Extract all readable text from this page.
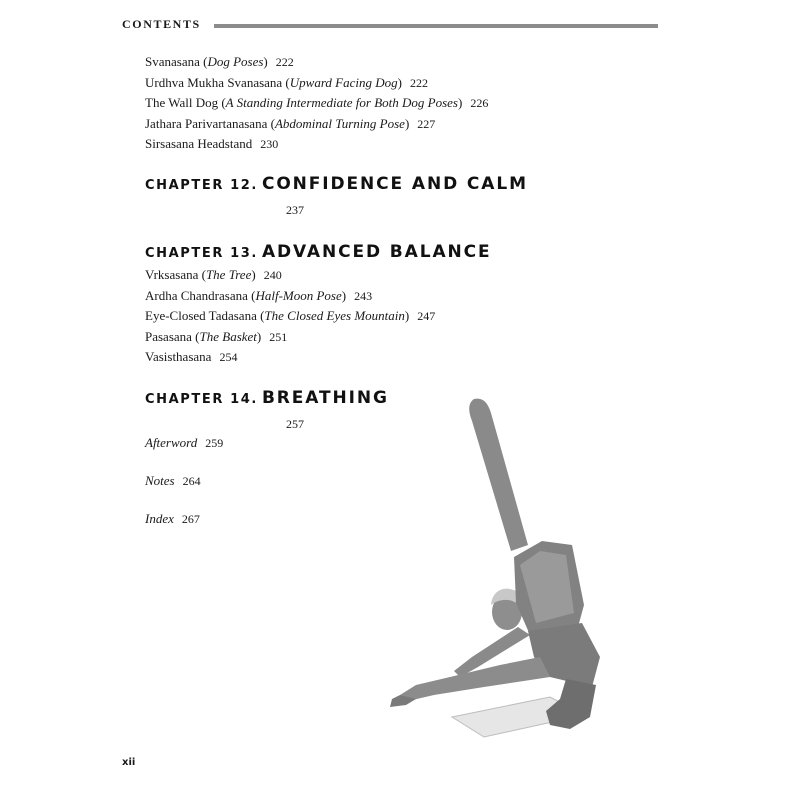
CONTENTS
Svanasana (Dog Poses) 222
Urdhva Mukha Svanasana (Upward Facing Dog) 222
The Wall Dog (A Standing Intermediate for Both Dog Poses) 226
Jathara Parivartanasana (Abdominal Turning Pose) 227
Sirsasana Headstand 230
CHAPTER 12. CONFIDENCE AND CALM
237
CHAPTER 13. ADVANCED BALANCE
Vrksasana (The Tree) 240
Ardha Chandrasana (Half-Moon Pose) 243
Eye-Closed Tadasana (The Closed Eyes Mountain) 247
Pasasana (The Basket) 251
Vasisthasana 254
CHAPTER 14. BREATHING
257
Afterword 259
Notes 264
Index 267
xii
